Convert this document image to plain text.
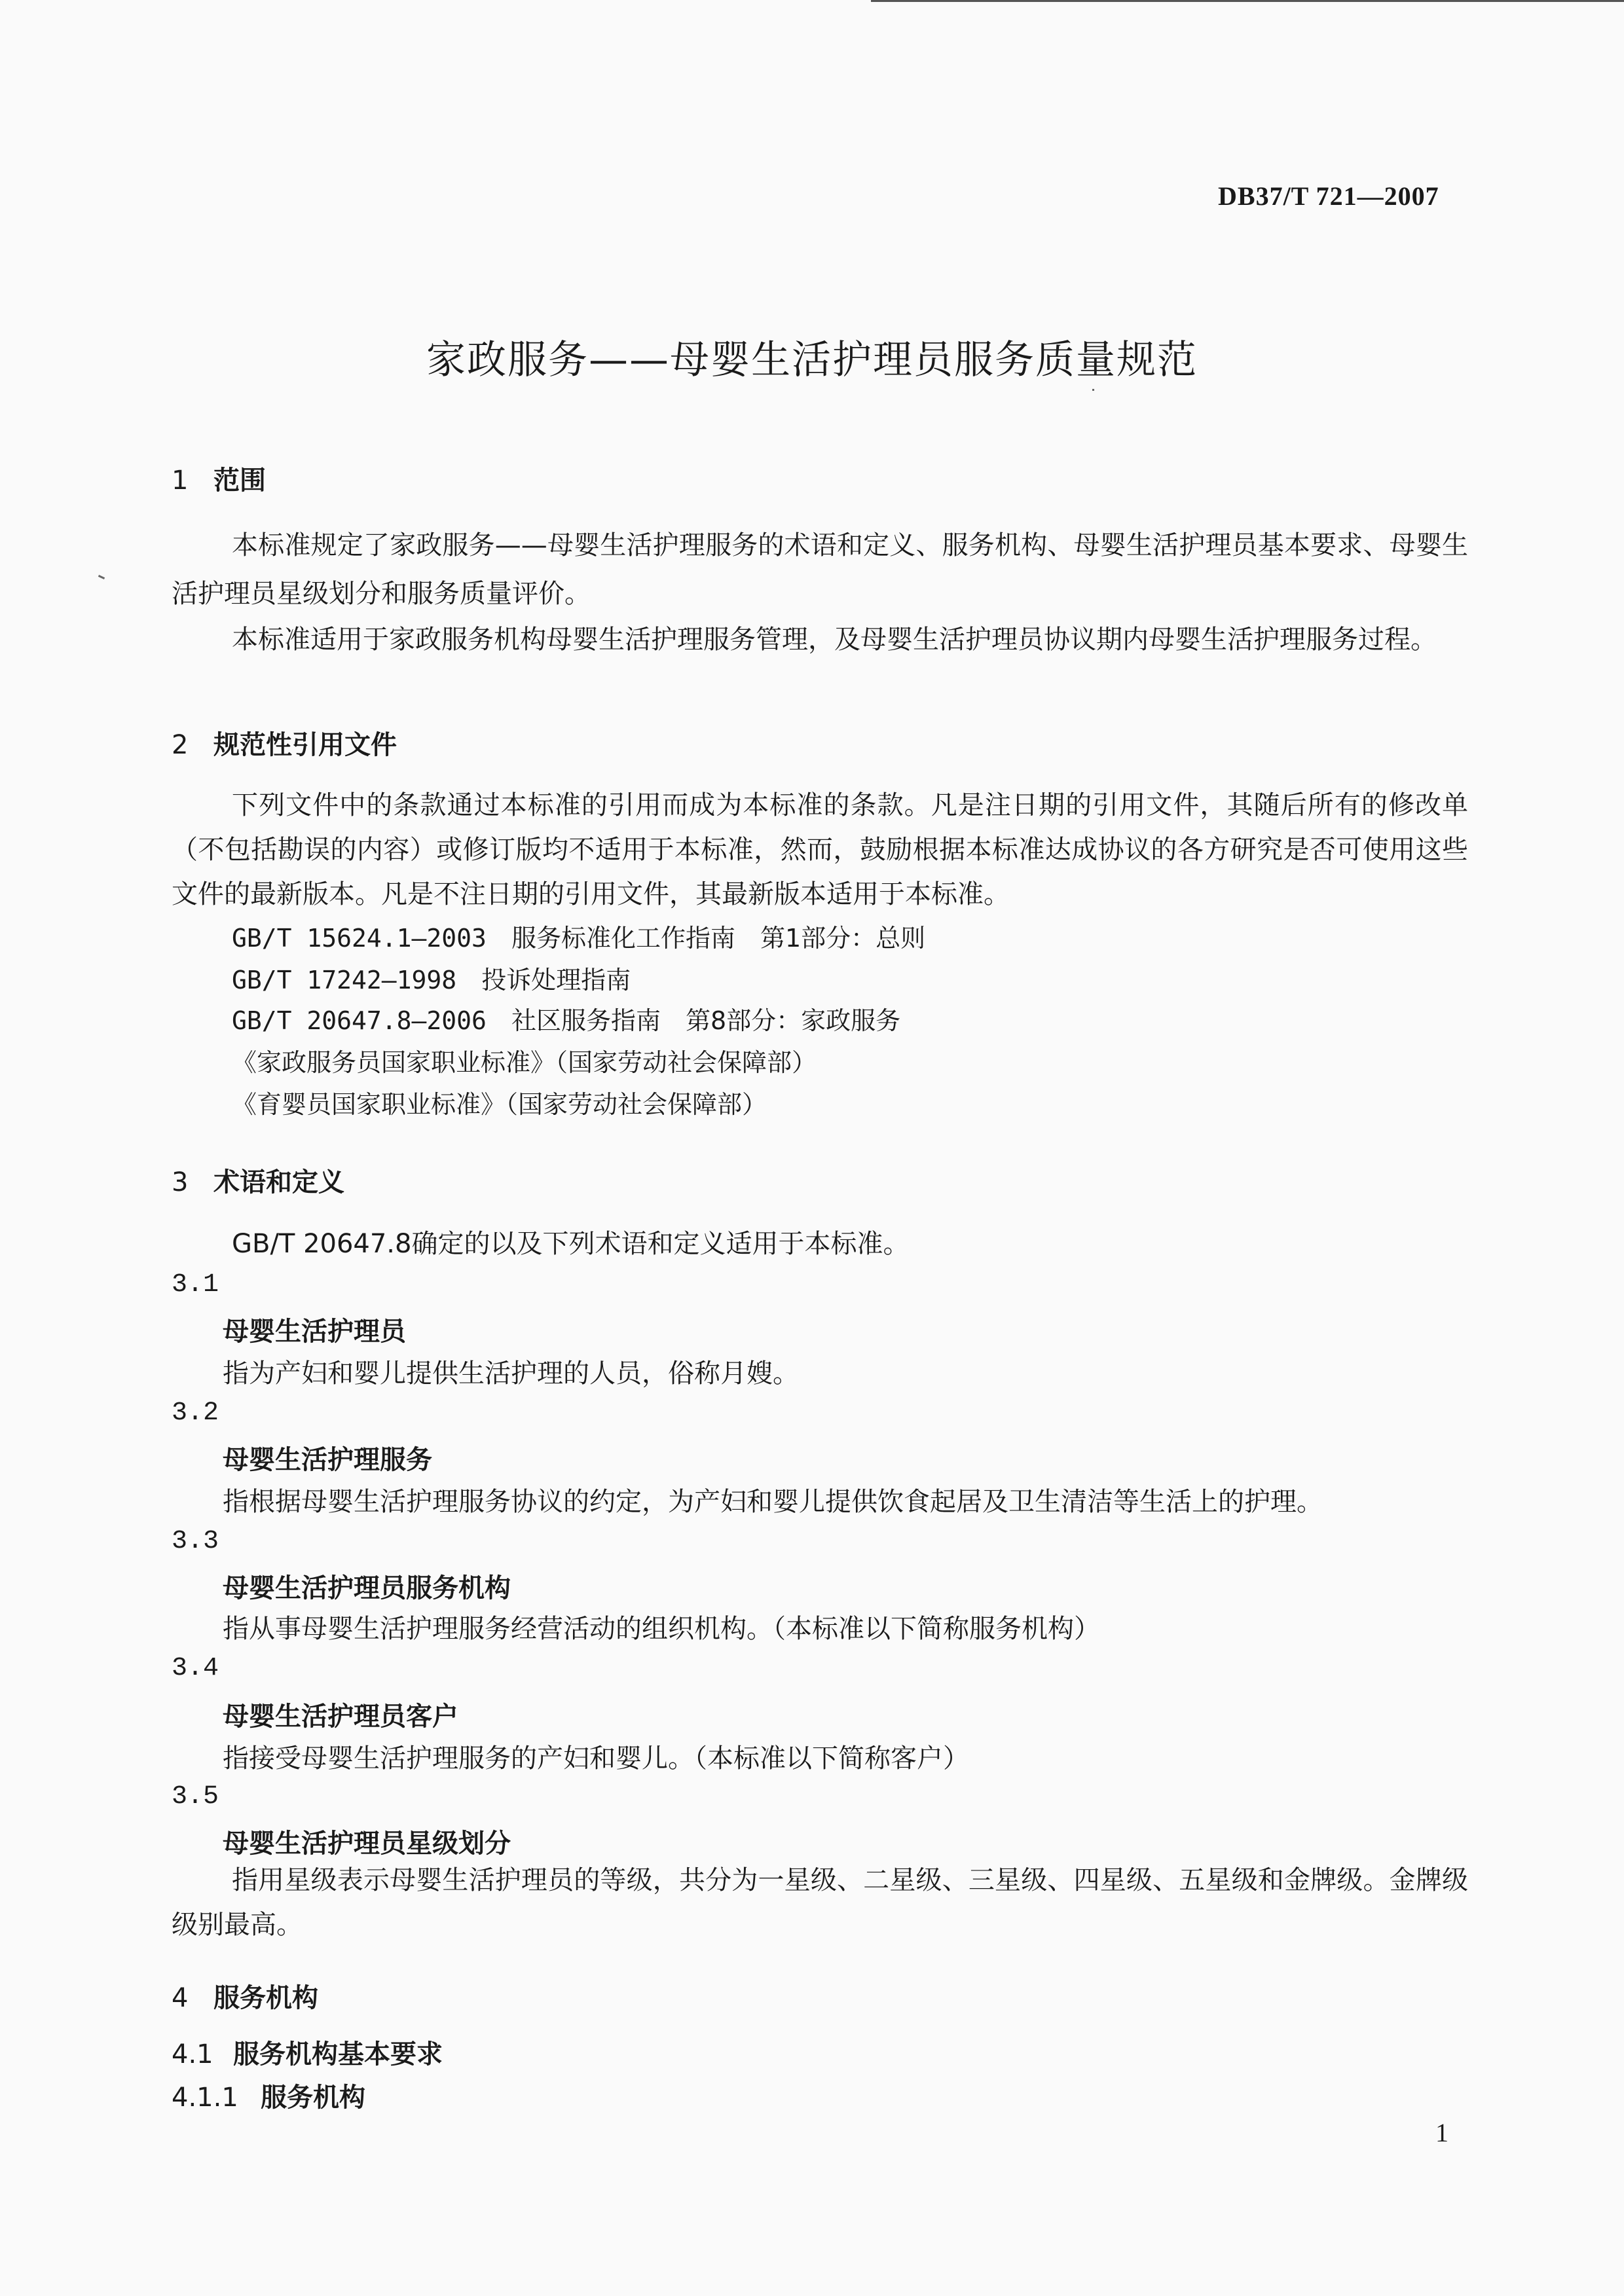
DB37/T 721—2007
家政服务——母婴生活护理员服务质量规范
1 范围
本标准规定了家政服务——母婴生活护理服务的术语和定义、服务机构、母婴生活护理员基本要求、母婴生活护理员星级划分和服务质量评价。
本标准适用于家政服务机构母婴生活护理服务管理，及母婴生活护理员协议期内母婴生活护理服务过程。
2 规范性引用文件
下列文件中的条款通过本标准的引用而成为本标准的条款。凡是注日期的引用文件，其随后所有的修改单（不包括勘误的内容）或修订版均不适用于本标准，然而，鼓励根据本标准达成协议的各方研究是否可使用这些文件的最新版本。凡是不注日期的引用文件，其最新版本适用于本标准。
GB/T 15624.1—2003　 服务标准化工作指南　第1部分：总则
GB/T 17242—1998　 投诉处理指南
GB/T 20647.8—2006　 社区服务指南　第8部分：家政服务
《家政服务员国家职业标准》（国家劳动社会保障部）
《育婴员国家职业标准》（国家劳动社会保障部）
3 术语和定义
GB/T 20647.8确定的以及下列术语和定义适用于本标准。
3.1
母婴生活护理员
指为产妇和婴儿提供生活护理的人员，俗称月嫂。
3.2
母婴生活护理服务
指根据母婴生活护理服务协议的约定，为产妇和婴儿提供饮食起居及卫生清洁等生活上的护理。
3.3
母婴生活护理员服务机构
指从事母婴生活护理服务经营活动的组织机构。（本标准以下简称服务机构）
3.4
母婴生活护理员客户
指接受母婴生活护理服务的产妇和婴儿。（本标准以下简称客户）
3.5
母婴生活护理员星级划分
指用星级表示母婴生活护理员的等级，共分为一星级、二星级、三星级、四星级、五星级和金牌级。金牌级级别最高。
4 服务机构
4.1 服务机构基本要求
4.1.1 服务机构
1
